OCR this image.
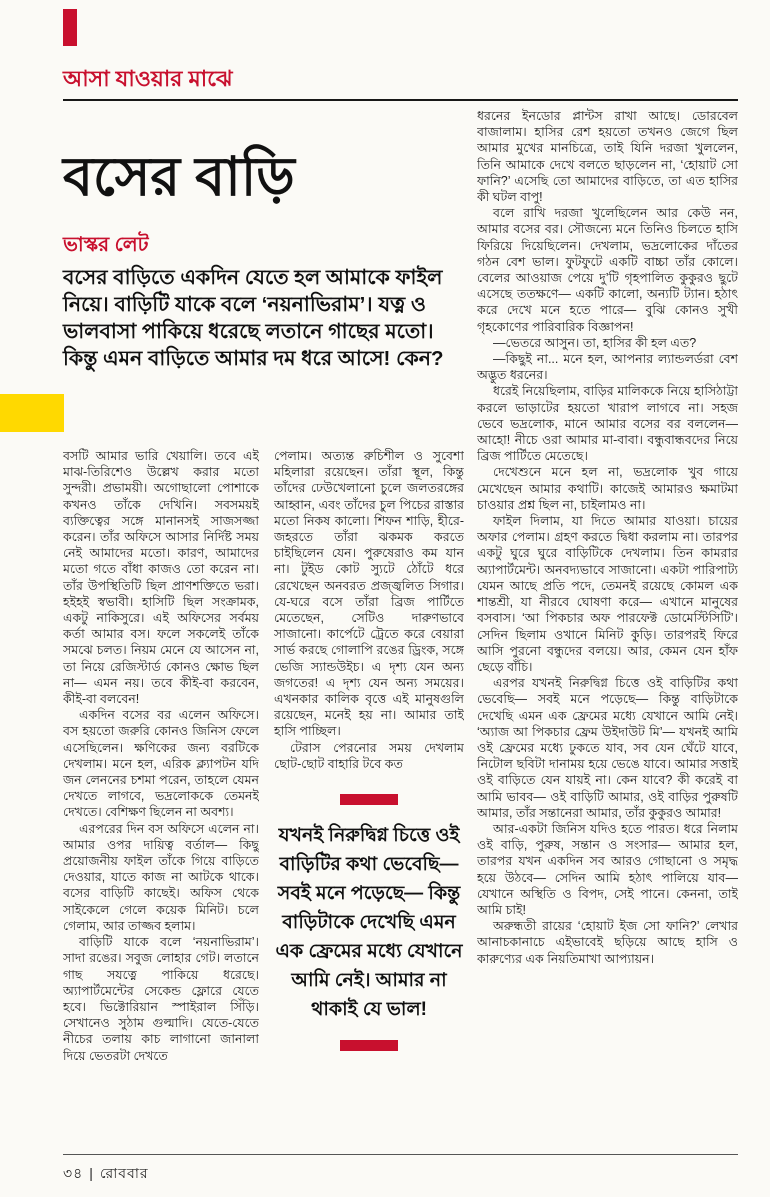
আসা যাওয়ার মাঝে
বসের বাড়ি
ভাস্কর লেট

বসের বাড়িতে একদিন যেতে হল আমাকে ফাইল নিয়ে। বাড়িটি যাকে বলে ‘নয়নাভিরাম’। যত্ন ও ভালবাসা পাকিয়ে ধরেছে লতানে গাছের মতো। কিন্তু এমন বাড়িতে আমার দম ধরে আসে! কেন?

বসটি আমার ভারি খেয়ালি। তবে এই মাঝ-তিরিশেও উল্লেখ করার মতো সুন্দরী। প্রভাময়ী। অগোছালো পোশাকে কখনও তাঁকে দেখিনি। সবসময়ই ব্যক্তিত্বের সঙ্গে মানানসই সাজসজ্জা করেন। তাঁর অফিসে আসার নির্দিষ্ট সময় নেই আমাদের মতো। কারণ, আমাদের মতো গতে বাঁধা কাজও তো করেন না। তাঁর উপস্থিতিটি ছিল প্রাণশক্তিতে ভরা। হইহই স্বভাবী। হাসিটি ছিল সংক্রামক, একটু নাকিসুরে। এই অফিসের সর্বময় কর্তা আমার বস। ফলে সকলেই তাঁকে সমঝে চলত। নিয়ম মেনে যে আসেন না, তা নিয়ে রেজিস্টার্ড কোনও ক্ষোভ ছিল না— এমন নয়। তবে কীই-বা করবেন, কীই-বা বলবেন!

একদিন বসের বর এলেন অফিসে। বস হয়তো জরুরি কোনও জিনিস ফেলে এসেছিলেন। ক্ষণিকের জন্য বরটিকে দেখলাম। মনে হল, এরিক ক্ল্যাপটন যদি জন লেননের চশমা পরেন, তাহলে যেমন দেখতে লাগবে, ভদ্রলোককে তেমনই দেখতে। বেশিক্ষণ ছিলেন না অবশ্য।

এরপরের দিন বস অফিসে এলেন না। আমার ওপর দায়িত্ব বর্তাল— কিছু প্রয়োজনীয় ফাইল তাঁকে গিয়ে বাড়িতে দেওয়ার, যাতে কাজ না আটকে থাকে। বসের বাড়িটি কাছেই। অফিস থেকে সাইকেলে গেলে কয়েক মিনিট। চলে গেলাম, আর তাজ্জব হলাম।

বাড়িটি যাকে বলে ‘নয়নাভিরাম’। সাদা রঙের। সবুজ লোহার গেট। লতানে গাছ সযত্নে পাকিয়ে ধরেছে। অ্যাপার্টমেন্টের সেকেন্ড ফ্লোরে যেতে হবে। ভিক্টোরিয়ান স্পাইরাল সিঁড়ি। সেখানেও সুঠাম গুল্মাদি। যেতে-যেতে নীচের তলায় কাচ লাগানো জানালা দিয়ে ভেতরটা দেখতে

পেলাম। অত্যন্ত রুচিশীল ও সুবেশা মহিলারা রয়েছেন। তাঁরা স্থূল, কিন্তু তাঁদের ঢেউখেলানো চুলে জলতরঙ্গের আহ্বান, এবং তাঁদের চুল পিচের রাস্তার মতো নিকষ কালো। শিফন শাড়ি, হীরে-জহরতে তাঁরা ঝকমক করতে চাইছিলেন যেন। পুরুষেরাও কম যান না। টুইড কোট স্যুটে ঠোঁটে ধরে রেখেছেন অনবরত প্রজ্জ্বলিত সিগার। যে-ঘরে বসে তাঁরা ব্রিজ পার্টিতে মেতেছেন, সেটিও দারুণভাবে সাজানো। কার্পেটে ট্রেতে করে বেয়ারা সার্ভ করছে গোলাপি রঙের ড্রিংক, সঙ্গে ভেজি স্যান্ডউইচ। এ দৃশ্য যেন অন্য জগতের! এ দৃশ্য যেন অন্য সময়ের। এখনকার কালিক বৃত্তে এই মানুষগুলি রয়েছেন, মনেই হয় না। আমার তাই হাসি পাচ্ছিল।

টেরাস পেরনোর সময় দেখলাম ছোট-ছোট বাহারি টবে কত

যখনই নিরুদ্বিগ্ন চিত্তে ওই বাড়িটির কথা ভেবেছি— সবই মনে পড়েছে— কিন্তু বাড়িটাকে দেখেছি এমন এক ফ্রেমের মধ্যে যেখানে আমি নেই। আমার না থাকাই যে ভাল!

ধরনের ইনডোর প্লান্টস রাখা আছে। ডোরবেল বাজালাম। হাসির রেশ হয়তো তখনও জেগে ছিল আমার মুখের মানচিত্রে, তাই যিনি দরজা খুললেন, তিনি আমাকে দেখে বলতে ছাড়লেন না, ‘হোয়াট সো ফানি?’ এসেছি তো আমাদের বাড়িতে, তা এত হাসির কী ঘটল বাপু!

বলে রাখি দরজা খুলেছিলেন আর কেউ নন, আমার বসের বর। সৌজন্যে মনে তিনিও চিলতে হাসি ফিরিয়ে দিয়েছিলেন। দেখলাম, ভদ্রলোকের দাঁতের গঠন বেশ ভাল। ফুটফুটে একটি বাচ্চা তাঁর কোলে। বেলের আওয়াজ পেয়ে দু’টি গৃহপালিত কুকুরও ছুটে এসেছে ততক্ষণে— একটি কালো, অন্যটি ট্যান। হঠাৎ করে দেখে মনে হতে পারে— বুঝি কোনও সুখী গৃহকোণের পারিবারিক বিজ্ঞাপন!

—ভেতরে আসুন। তা, হাসির কী হল এত?

—কিছুই না... মনে হল, আপনার ল্যান্ডলর্ডরা বেশ অদ্ভুত ধরনের।

ধরেই নিয়েছিলাম, বাড়ির মালিককে নিয়ে হাসিঠাট্টা করলে ভাড়াটের হয়তো খারাপ লাগবে না। সহজ ভেবে ভদ্রলোক, মানে আমার বসের বর বললেন— আহো! নীচে ওরা আমার মা-বাবা। বন্ধুবান্ধবদের নিয়ে ব্রিজ পার্টিতে মেতেছে।

দেখেশুনে মনে হল না, ভদ্রলোক খুব গায়ে মেখেছেন আমার কথাটি। কাজেই আমারও ক্ষমাটমা চাওয়ার প্রশ্ন ছিল না, চাইলামও না।

ফাইল দিলাম, যা দিতে আমার যাওয়া। চায়ের অফার পেলাম। গ্রহণ করতে দ্বিধা করলাম না। তারপর একটু ঘুরে ঘুরে বাড়িটিকে দেখলাম। তিন কামরার অ্যাপার্টমেন্ট। অনবদ্যভাবে সাজানো। একটা পারিপাট্য যেমন আছে প্রতি পদে, তেমনই রয়েছে কোমল এক শান্তশ্রী, যা নীরবে ঘোষণা করে— এখানে মানুষের বসবাস। ‘আ পিকচার অফ পারফেক্ট ডোমেস্টিসিটি’। সেদিন ছিলাম ওখানে মিনিট কুড়ি। তারপরই ফিরে আসি পুরনো বন্ধুদের বলয়ে। আর, কেমন যেন হাঁফ ছেড়ে বাঁচি।

এরপর যখনই নিরুদ্বিগ্ন চিত্তে ওই বাড়িটির কথা ভেবেছি— সবই মনে পড়েছে— কিন্তু বাড়িটাকে দেখেছি এমন এক ফ্রেমের মধ্যে যেখানে আমি নেই। ‘অ্যাজ আ পিকচার ফ্রেম উইদাউট মি’— যখনই আমি ওই ফ্রেমের মধ্যে ঢুকতে যাব, সব যেন ঘেঁটে যাবে, নিটোল ছবিটা দানাময় হয়ে ভেঙে যাবে। আমার সত্তাই ওই বাড়িতে যেন যায়ই না। কেন যাবে? কী করেই বা আমি ভাবব— ওই বাড়িটি আমার, ওই বাড়ির পুরুষটি আমার, তাঁর সন্তানেরা আমার, তাঁর কুকুরও আমার!

আর-একটা জিনিস যদিও হতে পারত। ধরে নিলাম ওই বাড়ি, পুরুষ, সন্তান ও সংসার— আমার হল, তারপর যখন একদিন সব আরও গোছানো ও সমৃদ্ধ হয়ে উঠবে— সেদিন আমি হঠাৎ পালিয়ে যাব— যেখানে অস্থিতি ও বিপদ, সেই পানে। কেননা, তাই আমি চাই!

অরুন্ধতী রায়ের ‘হোয়াট ইজ সো ফানি?’ লেখার আনাচকানাচে এইভাবেই ছড়িয়ে আছে হাসি ও কারুণ্যের এক নিয়তিমাখা আপ্যায়ন।

৩৪ | রোববার
